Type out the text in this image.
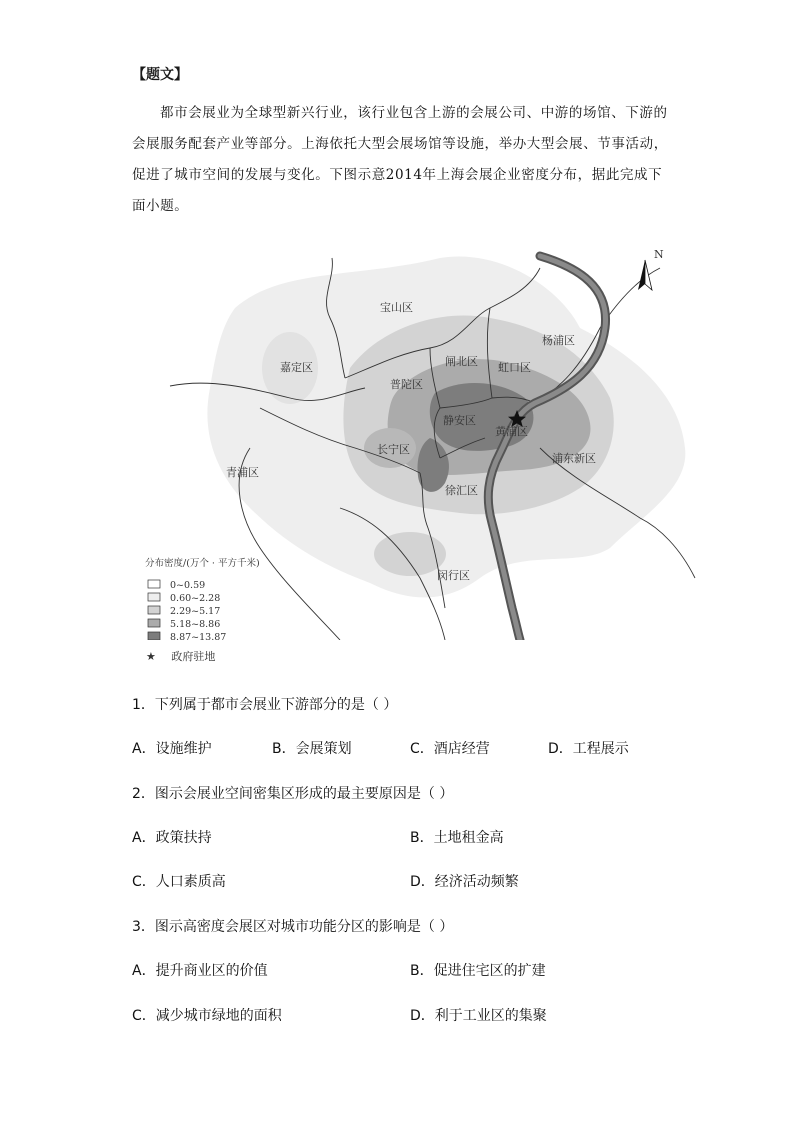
【题文】
都市会展业为全球型新兴行业，该行业包含上游的会展公司、中游的场馆、下游的
会展服务配套产业等部分。上海依托大型会展场馆等设施，举办大型会展、节事活动，
促进了城市空间的发展与变化。下图示意2014年上海会展企业密度分布，据此完成下
面小题。
N
宝山区
嘉定区	闸北区 虹口区
杨浦区
普陀区
静安区
黄浦区
长宁区
青浦区
浦东新区
徐汇区
闵行区
分布密度/(万个 · 平方千米)
0~0.59
0.60~2.28
2.29~5.17
5.18~8.86
8.87~13.87
★ 政府驻地
1．下列属于都市会展业下游部分的是（ ）
A．设施维护	B．会展策划	C．酒店经营	D．工程展示
2．图示会展业空间密集区形成的最主要原因是（ ）
A．政策扶持	B．土地租金高
C．人口素质高	D．经济活动频繁
3．图示高密度会展区对城市功能分区的影响是（ ）
A．提升商业区的价值	B．促进住宅区的扩建
C．减少城市绿地的面积	D．利于工业区的集聚
